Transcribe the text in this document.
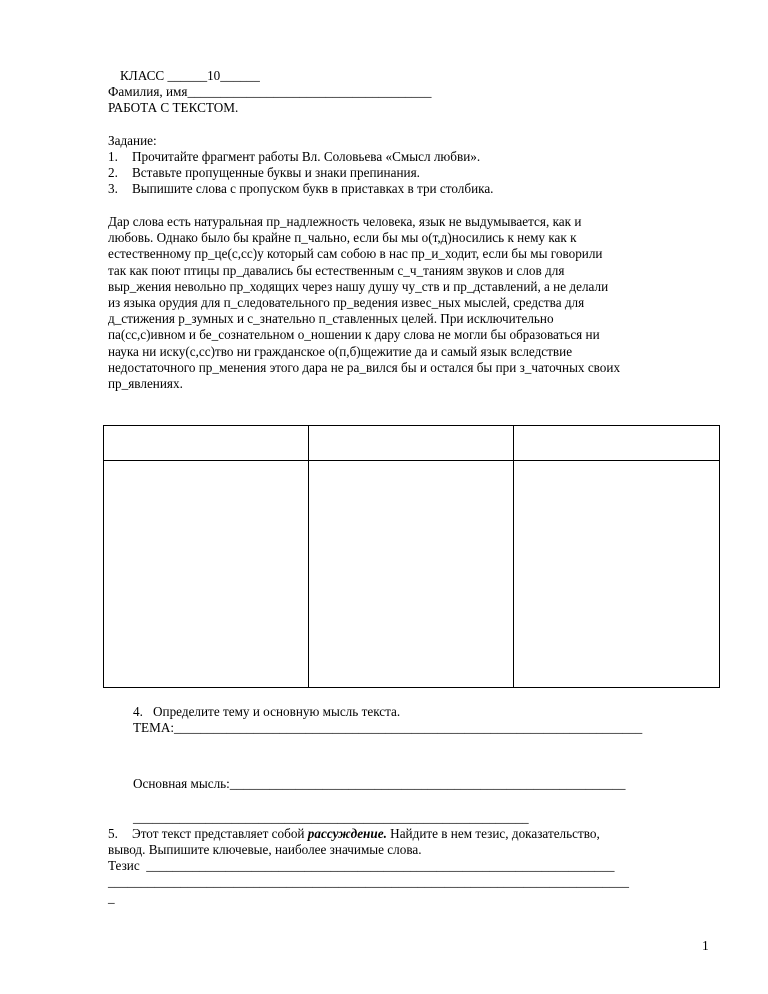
КЛАСС ______10______
Фамилия, имя_____________________________________
РАБОТА С ТЕКСТОМ.
Задание:
1. Прочитайте фрагмент работы Вл. Соловьева «Смысл любви».
2. Вставьте пропущенные буквы и знаки препинания.
3. Выпишите слова с пропуском букв в приставках в три столбика.
Дар слова есть натуральная пр_надлежность человека, язык не выдумывается, как и
любовь. Однако было бы крайне п_чально, если бы мы о(т,д)носились к нему как к
естественному пр_це(с,сс)у который сам собою в нас пр_и_ходит, если бы мы говорили
так как поют птицы пр_давались бы естественным с_ч_таниям звуков и слов для
выр_жения невольно пр_ходящих через нашу душу чу_ств и пр_дставлений, а не делали
из языка орудия для п_следовательного пр_ведения извес_ных мыслей, средства для
д_стижения р_зумных и с_знательно п_ставленных целей. При исключительно
па(сс,с)ивном и бе_сознательном о_ношении к дару слова не могли бы образоваться ни
наука ни иску(с,сс)тво ни гражданское о(п,б)щежитие да и самый язык вследствие
недостаточного пр_менения этого дара не ра_вился бы и остался бы при з_чаточных своих
пр_явлениях.
4. Определите тему и основную мысль текста.
ТЕМА:_______________________________________________________________________
Основная мысль:____________________________________________________________
____________________________________________________________
5. Этот текст представляет собой рассуждение. Найдите в нем тезис, доказательство,
вывод. Выпишите ключевые, наиболее значимые слова.
Тезис _______________________________________________________________________
_______________________________________________________________________________
_
1
